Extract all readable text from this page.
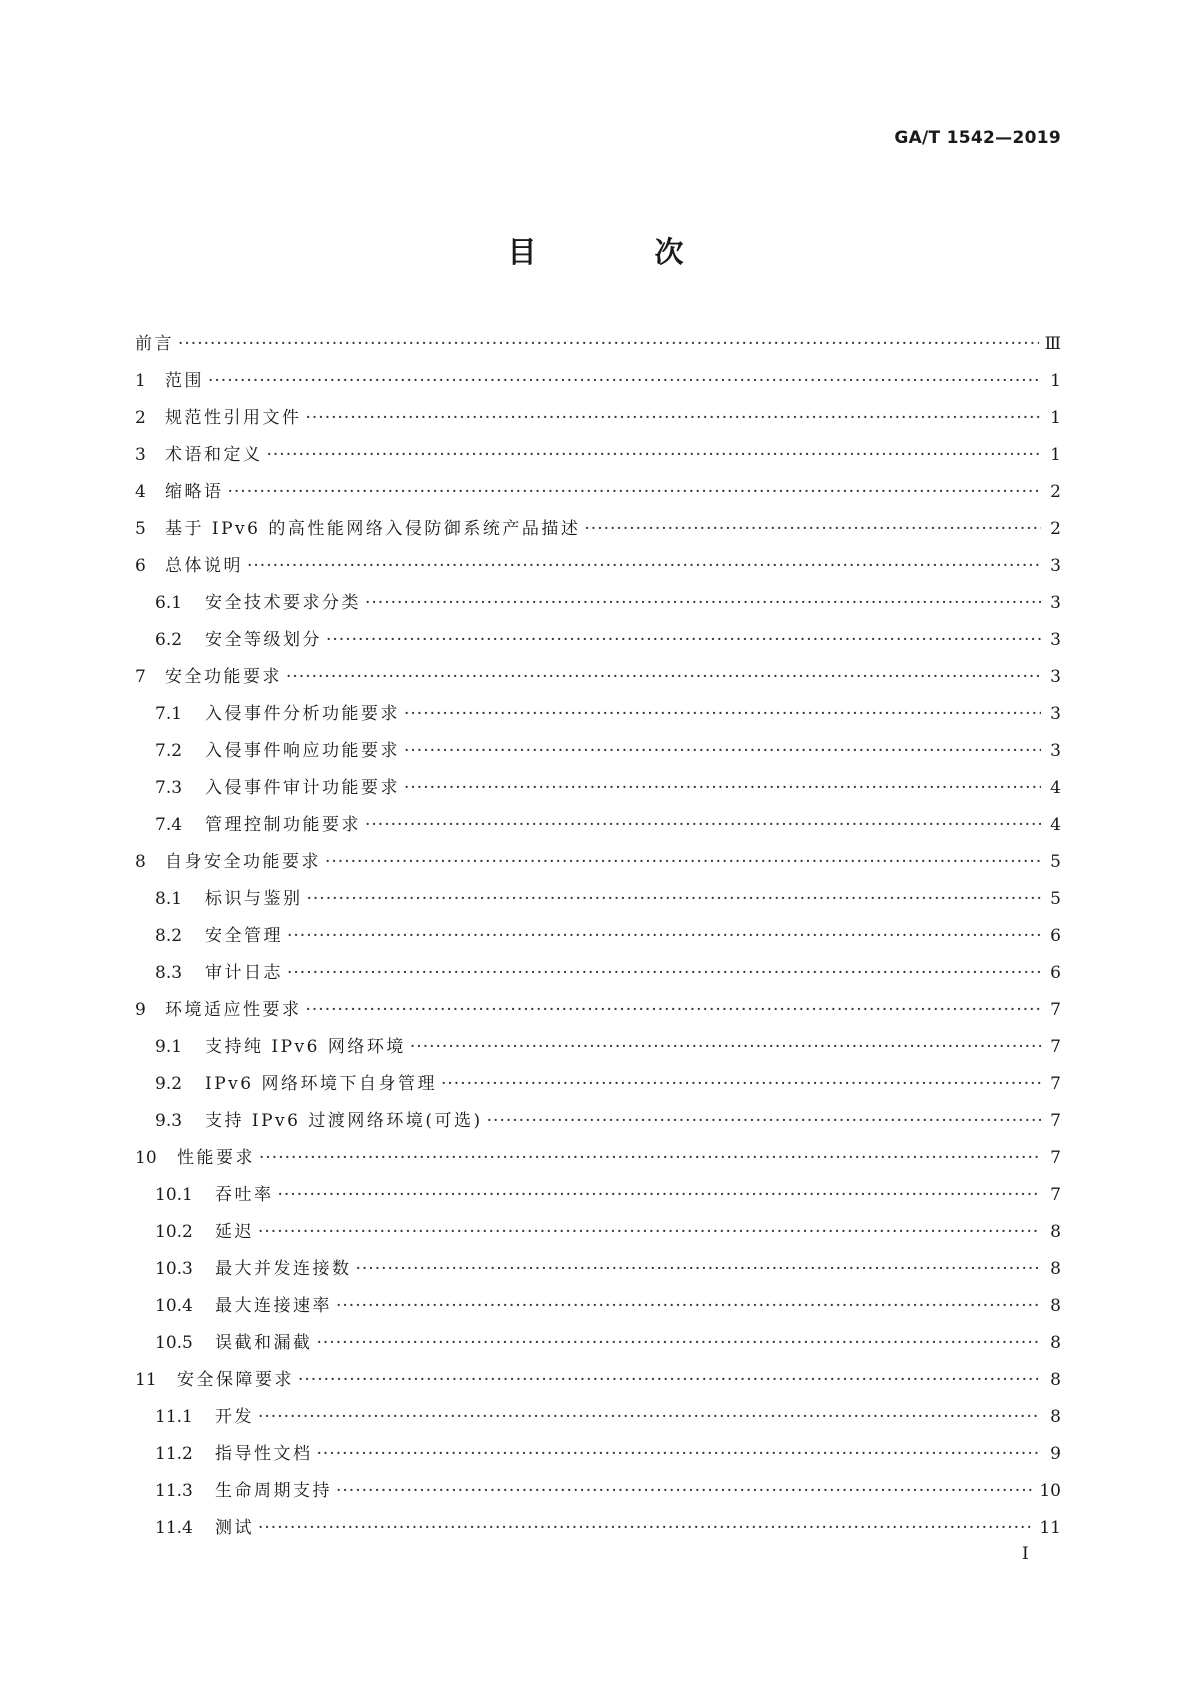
GA/T 1542—2019
目 次
前言 ·····	Ⅲ
1	范围 ·····	1
2	规范性引用文件 ·····	1
3	术语和定义 ·····	1
4	缩略语 ·····	2
5	基于 IPv6 的高性能网络入侵防御系统产品描述 ·····	2
6	总体说明 ·····	3
6.1	安全技术要求分类 ·····	3
6.2	安全等级划分 ·····	3
7	安全功能要求 ·····	3
7.1	入侵事件分析功能要求 ·····	3
7.2	入侵事件响应功能要求 ·····	3
7.3	入侵事件审计功能要求 ·····	4
7.4	管理控制功能要求 ·····	4
8	自身安全功能要求 ·····	5
8.1	标识与鉴别 ·····	5
8.2	安全管理 ·····	6
8.3	审计日志 ·····	6
9	环境适应性要求 ·····	7
9.1	支持纯 IPv6 网络环境 ·····	7
9.2	IPv6 网络环境下自身管理 ·····	7
9.3	支持 IPv6 过渡网络环境(可选) ·····	7
10	性能要求 ·····	7
10.1	吞吐率 ·····	7
10.2	延迟 ·····	8
10.3	最大并发连接数 ·····	8
10.4	最大连接速率 ·····	8
10.5	误截和漏截 ·····	8
11	安全保障要求 ·····	8
11.1	开发 ·····	8
11.2	指导性文档 ·····	9
11.3	生命周期支持 ·····	10
11.4	测试 ·····	11
I
